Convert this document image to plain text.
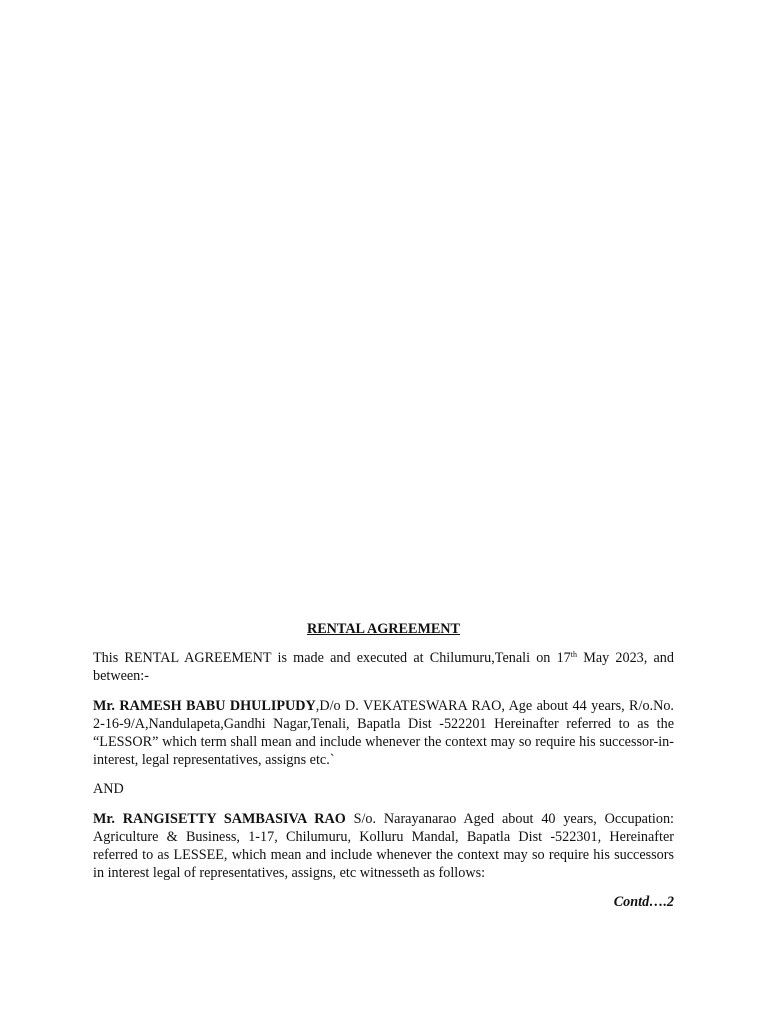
RENTAL AGREEMENT

This RENTAL AGREEMENT is made and executed at Chilumuru,Tenali on 17th May 2023, and between:-

Mr. RAMESH BABU DHULIPUDY,D/o D. VEKATESWARA RAO, Age about 44 years, R/o.No. 2-16-9/A,Nandulapeta,Gandhi Nagar,Tenali, Bapatla Dist -522201 Hereinafter referred to as the “LESSOR” which term shall mean and include whenever the context may so require his successor-in-interest, legal representatives, assigns etc.`

AND

Mr. RANGISETTY SAMBASIVA RAO S/o. Narayanarao Aged about 40 years, Occupation: Agriculture & Business, 1-17, Chilumuru, Kolluru Mandal, Bapatla Dist -522301, Hereinafter referred to as LESSEE, which mean and include whenever the context may so require his successors in interest legal of representatives, assigns, etc witnesseth as follows:

Contd….2
